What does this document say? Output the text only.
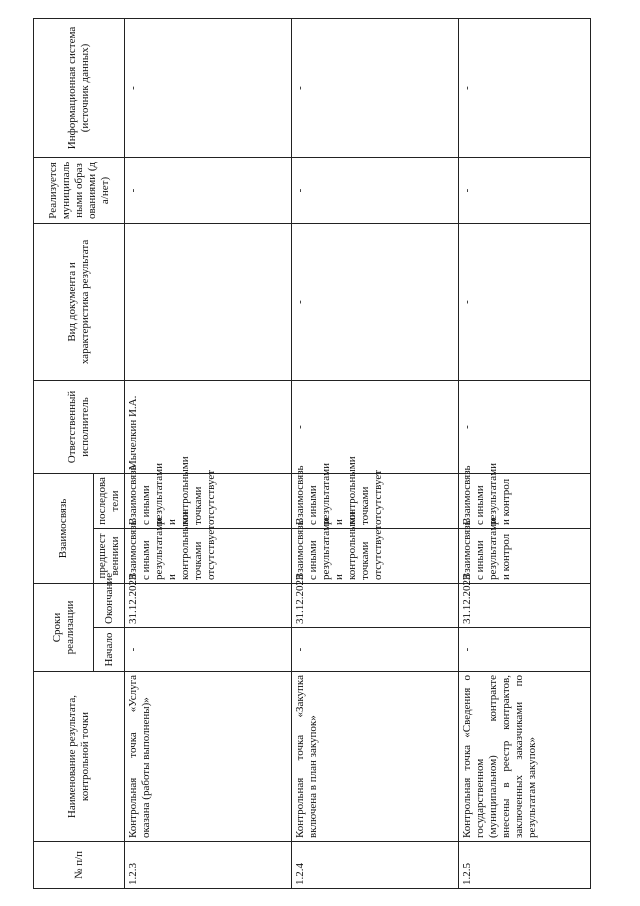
№ п/п	Наименование результата, контрольной точки	Сроки реализации		Взаимосвязь		Ответственный исполнитель	Вид документа и характеристика результата	Реализуется муниципальными образованиями (да/нет)	Информационная система (источник данных)
		Начало	Окончание	предшественники	последователи				
1.2.3	Контрольная точка «Услуга оказана (работы выполнены)»	-	31.12.2023	Взаимосвязь с иными результатами и контрольными точками отсутствует	Взаимосвязь с иными результатами и контрольными точками отсутствует	Мычелкин И.А.		-	-
1.2.4	Контрольная точка «Закупка включена в план закупок»	-	31.12.2023	Взаимосвязь с иными результатами и контрольными точками отсутствует	Взаимосвязь с иными результатами и контрольными точками отсутствует	-	-	-	-
1.2.5	Контрольная точка «Сведения о государственном (муниципальном) контракте внесены в реестр контрактов, заключенных заказчиками по результатам закупок»	-	31.12.2023	Взаимосвязь с иными результатами и контрол	Взаимосвязь с иными результатами и контрол	-	-	-	-
